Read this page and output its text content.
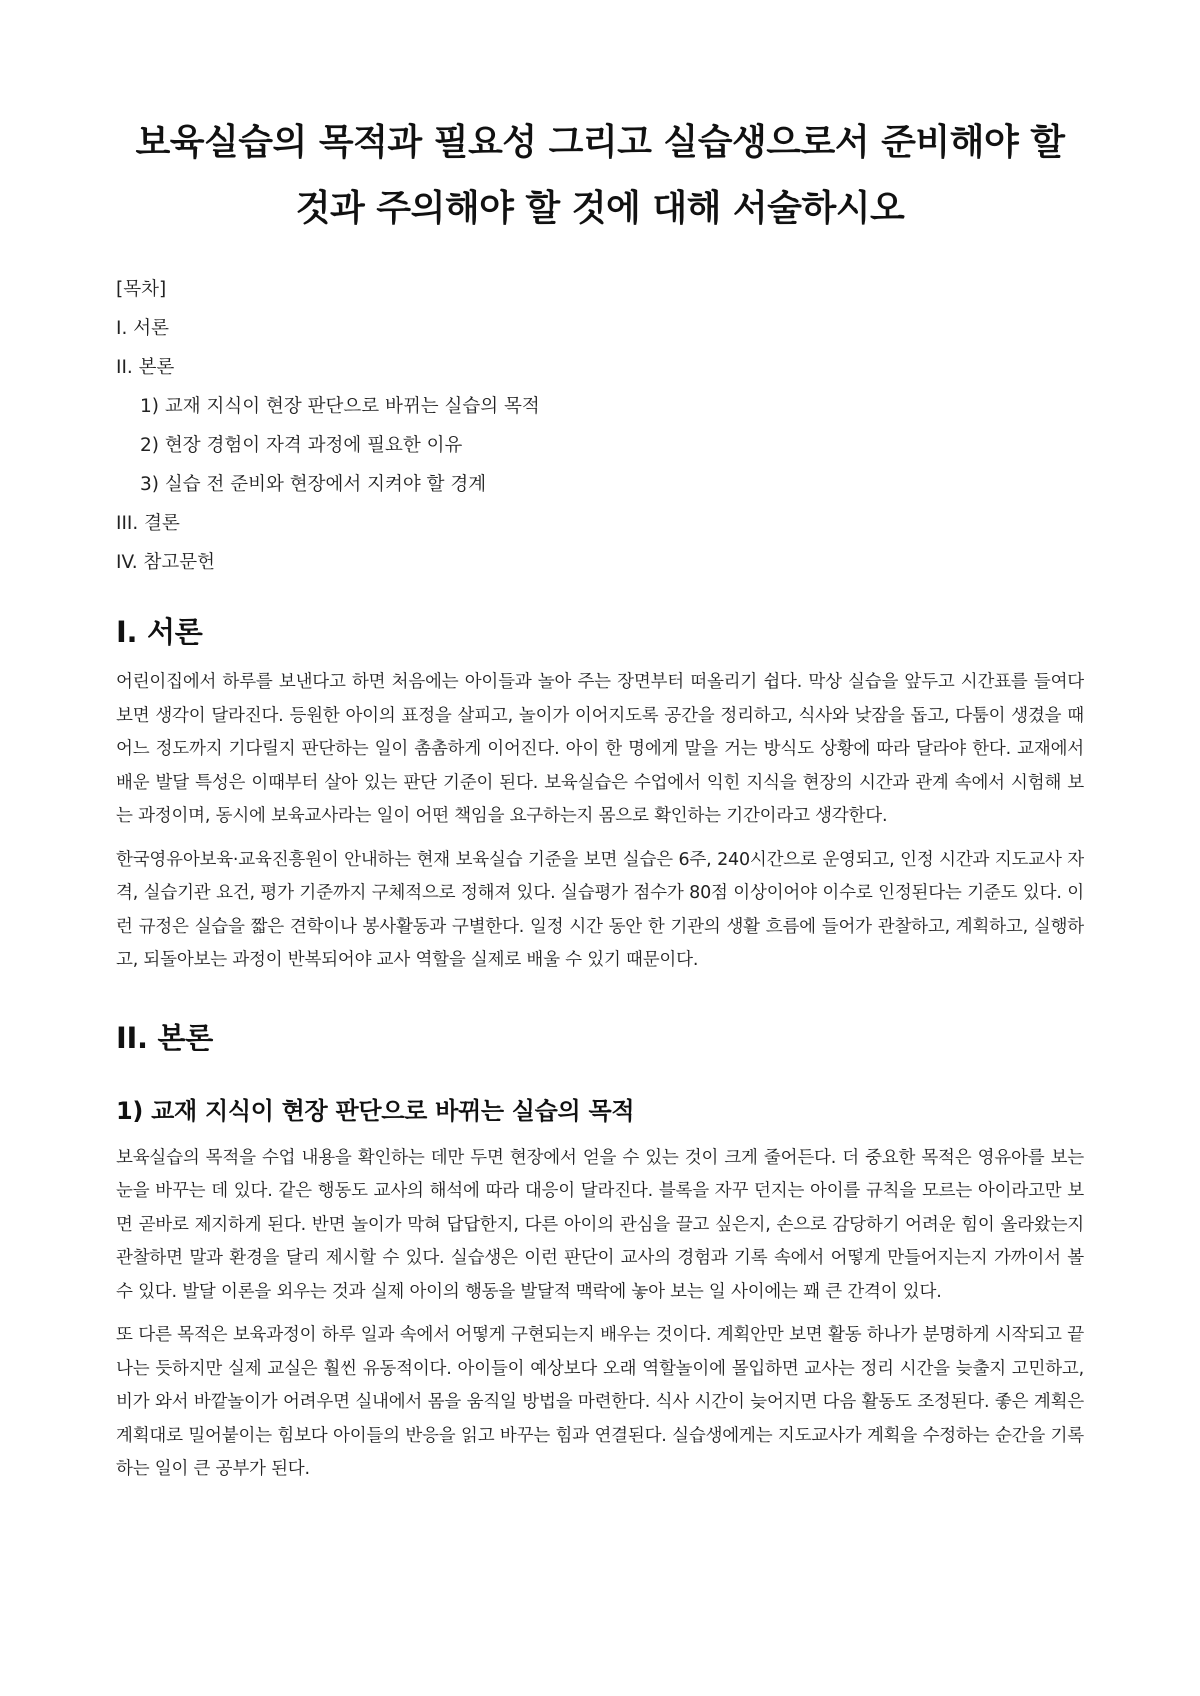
보육실습의 목적과 필요성 그리고 실습생으로서 준비해야 할 것과 주의해야 할 것에 대해 서술하시오
[목차]
I. 서론
II. 본론
1) 교재 지식이 현장 판단으로 바뀌는 실습의 목적
2) 현장 경험이 자격 과정에 필요한 이유
3) 실습 전 준비와 현장에서 지켜야 할 경계
III. 결론
IV. 참고문헌
I. 서론

어린이집에서 하루를 보낸다고 하면 처음에는 아이들과 놀아 주는 장면부터 떠올리기 쉽다. 막상 실습을 앞두고 시간표를 들여다보면 생각이 달라진다. 등원한 아이의 표정을 살피고, 놀이가 이어지도록 공간을 정리하고, 식사와 낮잠을 돕고, 다툼이 생겼을 때 어느 정도까지 기다릴지 판단하는 일이 촘촘하게 이어진다. 아이 한 명에게 말을 거는 방식도 상황에 따라 달라야 한다. 교재에서 배운 발달 특성은 이때부터 살아 있는 판단 기준이 된다. 보육실습은 수업에서 익힌 지식을 현장의 시간과 관계 속에서 시험해 보는 과정이며, 동시에 보육교사라는 일이 어떤 책임을 요구하는지 몸으로 확인하는 기간이라고 생각한다.

한국영유아보육·교육진흥원이 안내하는 현재 보육실습 기준을 보면 실습은 6주, 240시간으로 운영되고, 인정 시간과 지도교사 자격, 실습기관 요건, 평가 기준까지 구체적으로 정해져 있다. 실습평가 점수가 80점 이상이어야 이수로 인정된다는 기준도 있다. 이런 규정은 실습을 짧은 견학이나 봉사활동과 구별한다. 일정 시간 동안 한 기관의 생활 흐름에 들어가 관찰하고, 계획하고, 실행하고, 되돌아보는 과정이 반복되어야 교사 역할을 실제로 배울 수 있기 때문이다.

II. 본론
1) 교재 지식이 현장 판단으로 바뀌는 실습의 목적

보육실습의 목적을 수업 내용을 확인하는 데만 두면 현장에서 얻을 수 있는 것이 크게 줄어든다. 더 중요한 목적은 영유아를 보는 눈을 바꾸는 데 있다. 같은 행동도 교사의 해석에 따라 대응이 달라진다. 블록을 자꾸 던지는 아이를 규칙을 모르는 아이라고만 보면 곧바로 제지하게 된다. 반면 놀이가 막혀 답답한지, 다른 아이의 관심을 끌고 싶은지, 손으로 감당하기 어려운 힘이 올라왔는지 관찰하면 말과 환경을 달리 제시할 수 있다. 실습생은 이런 판단이 교사의 경험과 기록 속에서 어떻게 만들어지는지 가까이서 볼 수 있다. 발달 이론을 외우는 것과 실제 아이의 행동을 발달적 맥락에 놓아 보는 일 사이에는 꽤 큰 간격이 있다.

또 다른 목적은 보육과정이 하루 일과 속에서 어떻게 구현되는지 배우는 것이다. 계획안만 보면 활동 하나가 분명하게 시작되고 끝나는 듯하지만 실제 교실은 훨씬 유동적이다. 아이들이 예상보다 오래 역할놀이에 몰입하면 교사는 정리 시간을 늦출지 고민하고, 비가 와서 바깥놀이가 어려우면 실내에서 몸을 움직일 방법을 마련한다. 식사 시간이 늦어지면 다음 활동도 조정된다. 좋은 계획은 계획대로 밀어붙이는 힘보다 아이들의 반응을 읽고 바꾸는 힘과 연결된다. 실습생에게는 지도교사가 계획을 수정하는 순간을 기록하는 일이 큰 공부가 된다.
